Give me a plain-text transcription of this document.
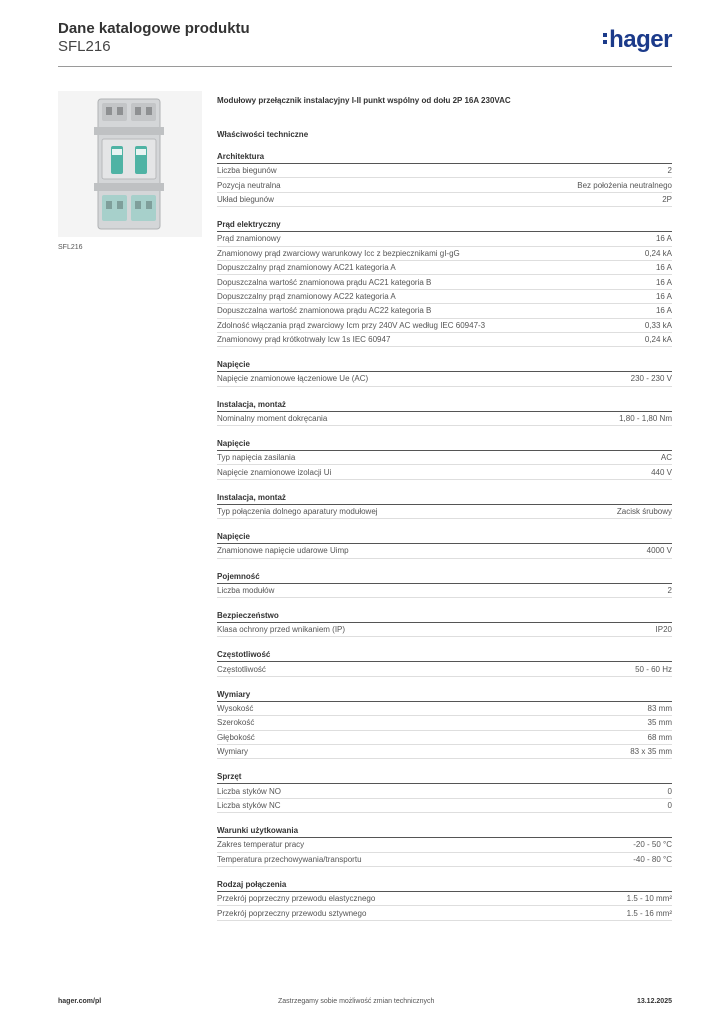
Dane katalogowe produktu
SFL216	hager
SFL216
Modułowy przełącznik instalacyjny I-II punkt wspólny od dołu 2P 16A 230VAC
Właściwości techniczne
Architektura
Liczba biegunów	2
Pozycja neutralna	Bez położenia neutralnego
Układ biegunów	2P
Prąd elektryczny
Prąd znamionowy	16 A
Znamionowy prąd zwarciowy warunkowy Icc z bezpiecznikami gI-gG	0,24 kA
Dopuszczalny prąd znamionowy AC21 kategoria A	16 A
Dopuszczalna wartość znamionowa prądu AC21 kategoria B	16 A
Dopuszczalny prąd znamionowy AC22 kategoria A	16 A
Dopuszczalna wartość znamionowa prądu AC22 kategoria B	16 A
Zdolność włączania prąd zwarciowy Icm przy 240V AC według IEC 60947-3	0,33 kA
Znamionowy prąd krótkotrwały Icw 1s IEC 60947	0,24 kA
Napięcie
Napięcie znamionowe łączeniowe Ue (AC)	230 - 230 V
Instalacja, montaż
Nominalny moment dokręcania	1,80 - 1,80 Nm
Napięcie
Typ napięcia zasilania	AC
Napięcie znamionowe izolacji Ui	440 V
Instalacja, montaż
Typ połączenia dolnego aparatury modułowej	Zacisk śrubowy
Napięcie
Znamionowe napięcie udarowe Uimp	4000 V
Pojemność
Liczba modułów	2
Bezpieczeństwo
Klasa ochrony przed wnikaniem (IP)	IP20
Częstotliwość
Częstotliwość	50 - 60 Hz
Wymiary
Wysokość	83 mm
Szerokość	35 mm
Głębokość	68 mm
Wymiary	83 x 35 mm
Sprzęt
Liczba styków NO	0
Liczba styków NC	0
Warunki użytkowania
Zakres temperatur pracy	-20 - 50 °C
Temperatura przechowywania/transportu	-40 - 80 °C
Rodzaj połączenia
Przekrój poprzeczny przewodu elastycznego	1.5 - 10 mm²
Przekrój poprzeczny przewodu sztywnego	1.5 - 16 mm²
hager.com/pl	Zastrzegamy sobie możliwość zmian technicznych	13.12.2025
